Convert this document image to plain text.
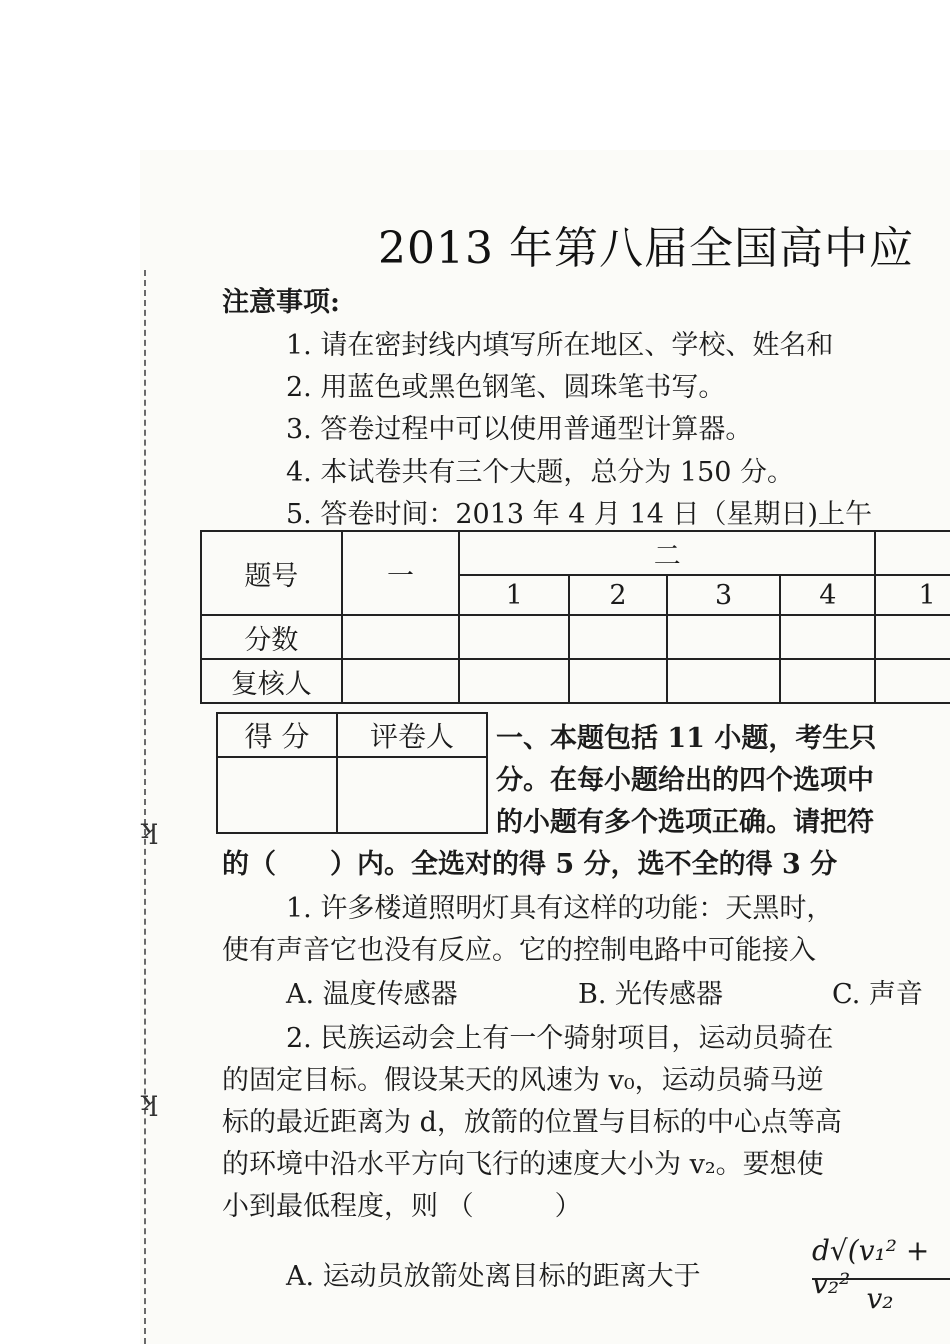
ʞ
ʞ
2013 年第八届全国高中应
注意事项:
1. 请在密封线内填写所在地区、学校、姓名和
2. 用蓝色或黑色钢笔、圆珠笔书写。
3. 答卷过程中可以使用普通型计算器。
4. 本试卷共有三个大题，总分为 150 分。
5. 答卷时间：2013 年 4 月 14 日（星期日)上午
题号	一	二				
		1	2	3	4	1
分数						
复核人						
得 分	评卷人
	一、本题包括 11 小题，考生只
分。在每小题给出的四个选项中
的小题有多个选项正确。请把符
的（　　）内。全选对的得 5 分，选不全的得 3 分
1. 许多楼道照明灯具有这样的功能：天黑时，
使有声音它也没有反应。它的控制电路中可能接入
A. 温度传感器	B. 光传感器	C. 声音
2. 民族运动会上有一个骑射项目，运动员骑在
的固定目标。假设某天的风速为 v₀，运动员骑马逆
标的最近距离为 d，放箭的位置与目标的中心点等高
的环境中沿水平方向飞行的速度大小为 v₂。要想使
小到最低程度，则 （　　　）
A. 运动员放箭处离目标的距离大于
d√(v₁² + v₂² v₂
